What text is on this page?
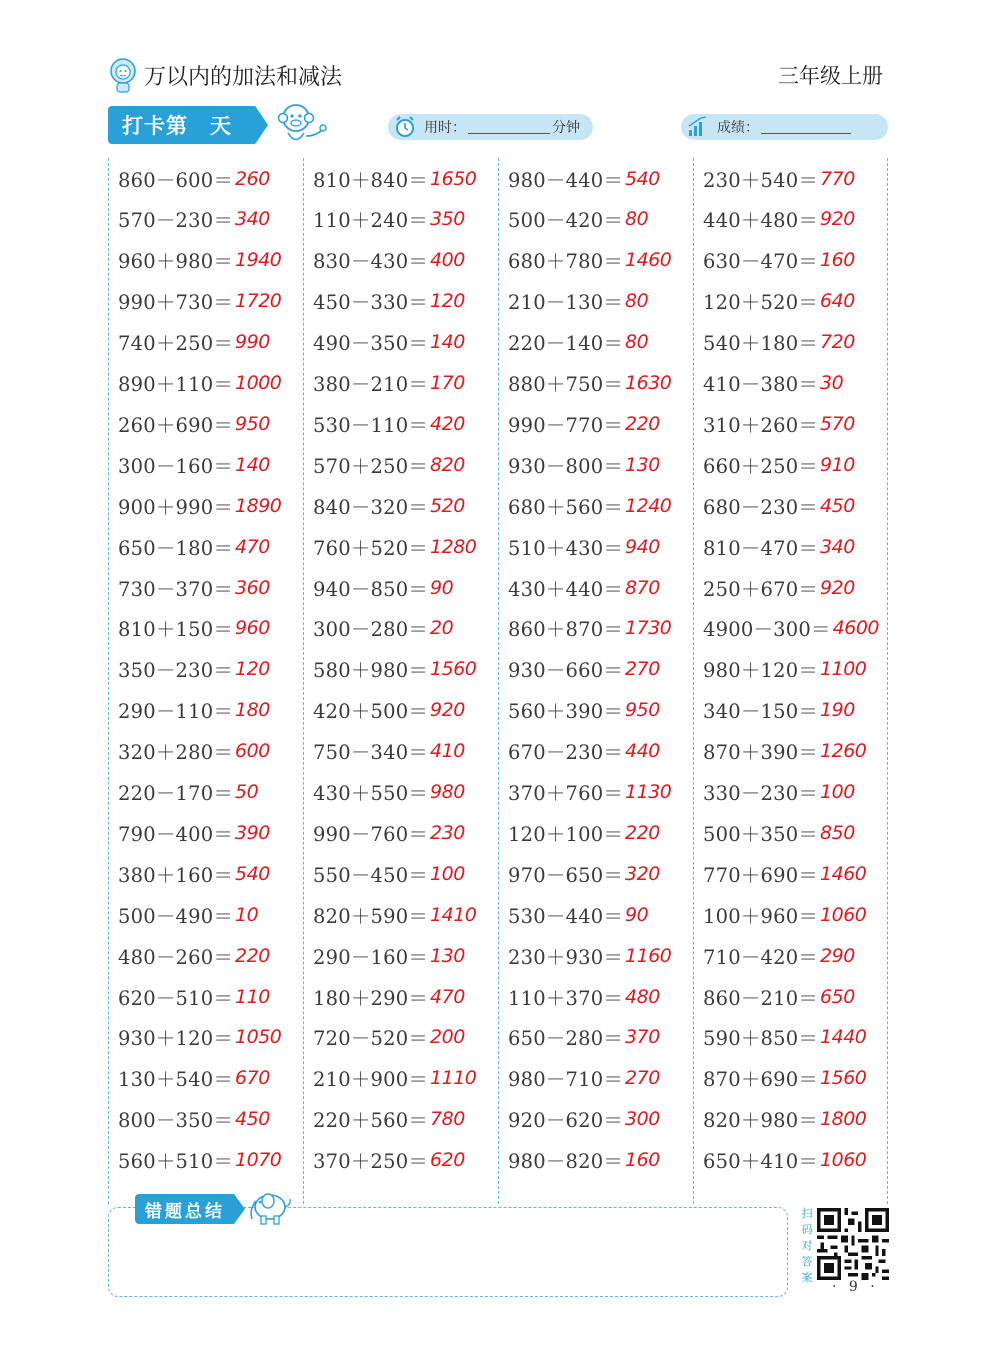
万以内的加法和减法	三年级上册
打卡第　天	用时：	分钟	成绩：
860－600＝ 260
570－230＝ 340
960＋980＝ 1940
990＋730＝ 1720
740＋250＝ 990
890＋110＝ 1000
260＋690＝ 950
300－160＝ 140
900＋990＝ 1890
650－180＝ 470
730－370＝ 360
810＋150＝ 960
350－230＝ 120
290－110＝ 180
320＋280＝ 600
220－170＝ 50
790－400＝ 390
380＋160＝ 540
500－490＝ 10
480－260＝ 220
620－510＝ 110
930＋120＝ 1050
130＋540＝ 670
800－350＝ 450
560＋510＝ 1070
810＋840＝ 1650
110＋240＝ 350
830－430＝ 400
450－330＝ 120
490－350＝ 140
380－210＝ 170
530－110＝ 420
570＋250＝ 820
840－320＝ 520
760＋520＝ 1280
940－850＝ 90
300－280＝ 20
580＋980＝ 1560
420＋500＝ 920
750－340＝ 410
430＋550＝ 980
990－760＝ 230
550－450＝ 100
820＋590＝ 1410
290－160＝ 130
180＋290＝ 470
720－520＝ 200
210＋900＝ 1110
220＋560＝ 780
370＋250＝ 620
980－440＝ 540
500－420＝ 80
680＋780＝ 1460
210－130＝ 80
220－140＝ 80
880＋750＝ 1630
990－770＝ 220
930－800＝ 130
680＋560＝ 1240
510＋430＝ 940
430＋440＝ 870
860＋870＝ 1730
930－660＝ 270
560＋390＝ 950
670－230＝ 440
370＋760＝ 1130
120＋100＝ 220
970－650＝ 320
530－440＝ 90
230＋930＝ 1160
110＋370＝ 480
650－280＝ 370
980－710＝ 270
920－620＝ 300
980－820＝ 160
230＋540＝ 770
440＋480＝ 920
630－470＝ 160
120＋520＝ 640
540＋180＝ 720
410－380＝ 30
310＋260＝ 570
660＋250＝ 910
680－230＝ 450
810－470＝ 340
250＋670＝ 920
4900－300＝ 4600
980＋120＝ 1100
340－150＝ 190
870＋390＝ 1260
330－230＝ 100
500＋350＝ 850
770＋690＝ 1460
100＋960＝ 1060
710－420＝ 290
860－210＝ 650
590＋850＝ 1440
870＋690＝ 1560
820＋980＝ 1800
650＋410＝ 1060
错题总结	扫码对答案
· 9 ·
